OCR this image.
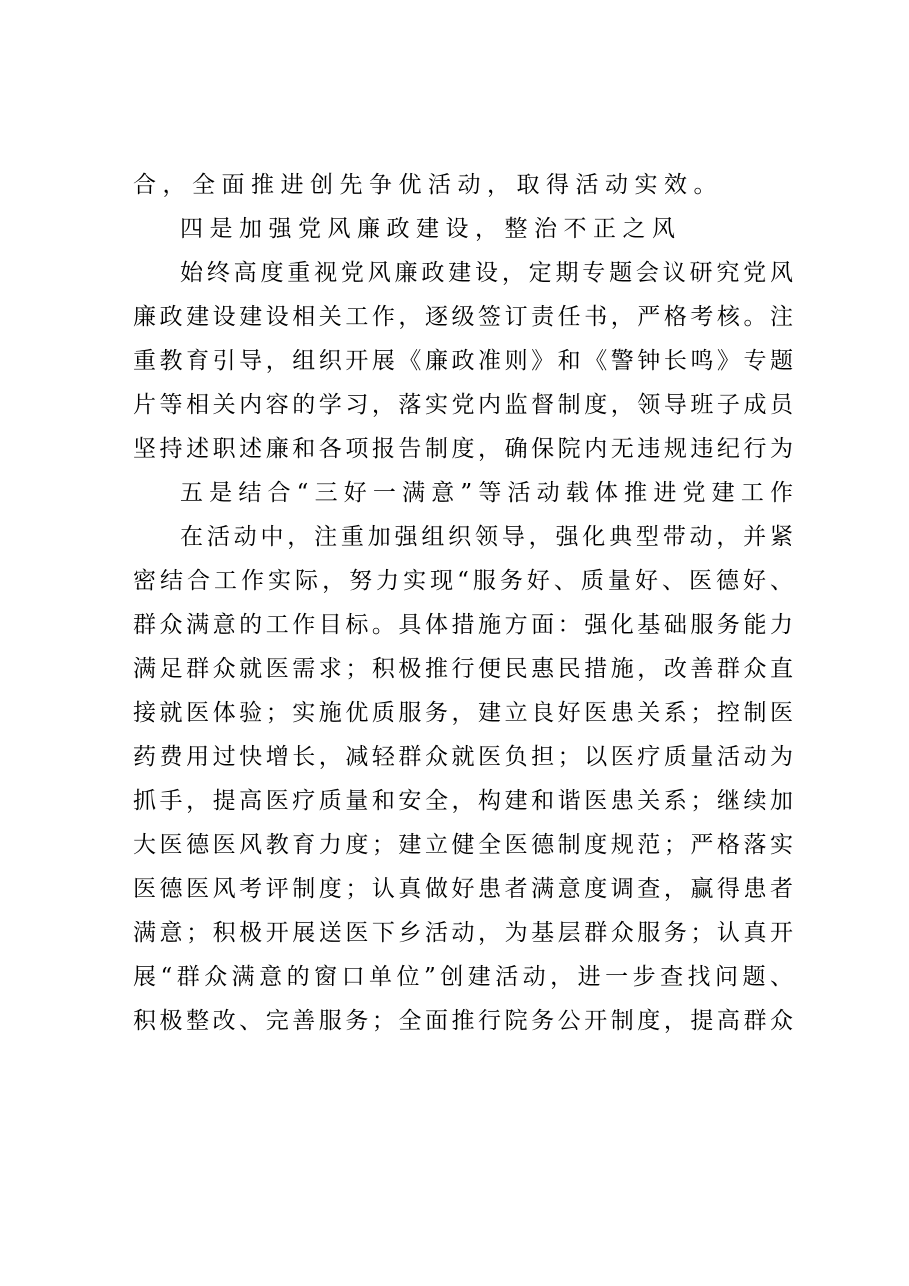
合，全面推进创先争优活动，取得活动实效。
四是加强党风廉政建设，整治不正之风
始终高度重视党风廉政建设，定期专题会议研究党风
廉政建设建设相关工作，逐级签订责任书，严格考核。注
重教育引导，组织开展《廉政准则》和《警钟长鸣》专题
片等相关内容的学习，落实党内监督制度，领导班子成员
坚持述职述廉和各项报告制度，确保院内无违规违纪行为
五是结合“三好一满意”等活动载体推进党建工作
在活动中，注重加强组织领导，强化典型带动，并紧
密结合工作实际，努力实现“服务好、质量好、医德好、
群众满意的工作目标。具体措施方面：强化基础服务能力
满足群众就医需求；积极推行便民惠民措施，改善群众直
接就医体验；实施优质服务，建立良好医患关系；控制医
药费用过快增长，减轻群众就医负担；以医疗质量活动为
抓手，提高医疗质量和安全，构建和谐医患关系；继续加
大医德医风教育力度；建立健全医德制度规范；严格落实
医德医风考评制度；认真做好患者满意度调查，赢得患者
满意；积极开展送医下乡活动，为基层群众服务；认真开
展“群众满意的窗口单位”创建活动，进一步查找问题、
积极整改、完善服务；全面推行院务公开制度，提高群众
